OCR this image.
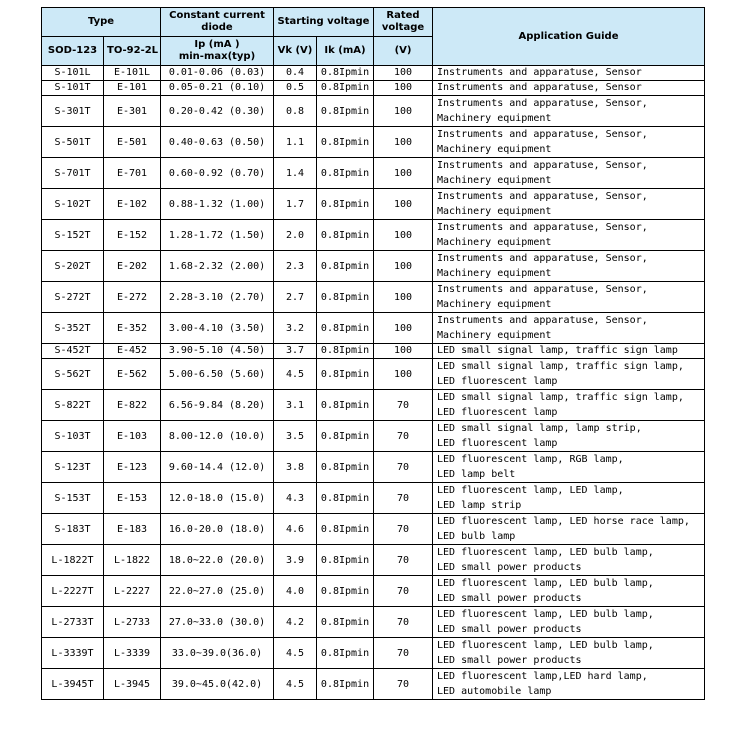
Type		Constant current diode	Starting voltage		Rated voltage	Application Guide
SOD-123	TO-92-2L	Ip (mA )
min-max(typ)	Vk (V)	Ik (mA)	(V)	
S-101L	E-101L	0.01-0.06 (0.03)	0.4	0.8Ipmin	100	Instruments and apparatuse, Sensor

S-101T	E-101	0.05-0.21 (0.10)	0.5	0.8Ipmin	100	Instruments and apparatuse, Sensor

S-301T	E-301	0.20-0.42 (0.30)	0.8	0.8Ipmin	100	Instruments and apparatuse, Sensor,
Machinery equipment

S-501T	E-501	0.40-0.63 (0.50)	1.1	0.8Ipmin	100	Instruments and apparatuse, Sensor,
Machinery equipment

S-701T	E-701	0.60-0.92 (0.70)	1.4	0.8Ipmin	100	Instruments and apparatuse, Sensor,
Machinery equipment

S-102T	E-102	0.88-1.32 (1.00)	1.7	0.8Ipmin	100	Instruments and apparatuse, Sensor,
Machinery equipment

S-152T	E-152	1.28-1.72 (1.50)	2.0	0.8Ipmin	100	Instruments and apparatuse, Sensor,
Machinery equipment

S-202T	E-202	1.68-2.32 (2.00)	2.3	0.8Ipmin	100	Instruments and apparatuse, Sensor,
Machinery equipment

S-272T	E-272	2.28-3.10 (2.70)	2.7	0.8Ipmin	100	Instruments and apparatuse, Sensor,
Machinery equipment

S-352T	E-352	3.00-4.10 (3.50)	3.2	0.8Ipmin	100	Instruments and apparatuse, Sensor,
Machinery equipment

S-452T	E-452	3.90-5.10 (4.50)	3.7	0.8Ipmin	100	LED small signal lamp, traffic sign lamp

S-562T	E-562	5.00-6.50 (5.60)	4.5	0.8Ipmin	100	LED small signal lamp, traffic sign lamp,
LED fluorescent lamp

S-822T	E-822	6.56-9.84 (8.20)	3.1	0.8Ipmin	70	LED small signal lamp, traffic sign lamp,
LED fluorescent lamp

S-103T	E-103	8.00-12.0 (10.0)	3.5	0.8Ipmin	70	LED small signal lamp, lamp strip,
LED fluorescent lamp

S-123T	E-123	9.60-14.4 (12.0)	3.8	0.8Ipmin	70	LED fluorescent lamp, RGB lamp,
LED lamp belt

S-153T	E-153	12.0-18.0 (15.0)	4.3	0.8Ipmin	70	LED fluorescent lamp, LED lamp,
LED lamp strip

S-183T	E-183	16.0-20.0 (18.0)	4.6	0.8Ipmin	70	LED fluorescent lamp, LED horse race lamp,
LED bulb lamp

L-1822T	L-1822	18.0~22.0 (20.0)	3.9	0.8Ipmin	70	LED fluorescent lamp, LED bulb lamp,
LED small power products

L-2227T	L-2227	22.0~27.0 (25.0)	4.0	0.8Ipmin	70	LED fluorescent lamp, LED bulb lamp,
LED small power products

L-2733T	L-2733	27.0~33.0 (30.0)	4.2	0.8Ipmin	70	LED fluorescent lamp, LED bulb lamp,
LED small power products

L-3339T	L-3339	33.0~39.0(36.0)	4.5	0.8Ipmin	70	LED fluorescent lamp, LED bulb lamp,
LED small power products

L-3945T	L-3945	39.0~45.0(42.0)	4.5	0.8Ipmin	70	LED fluorescent lamp,LED hard lamp,
LED automobile lamp
